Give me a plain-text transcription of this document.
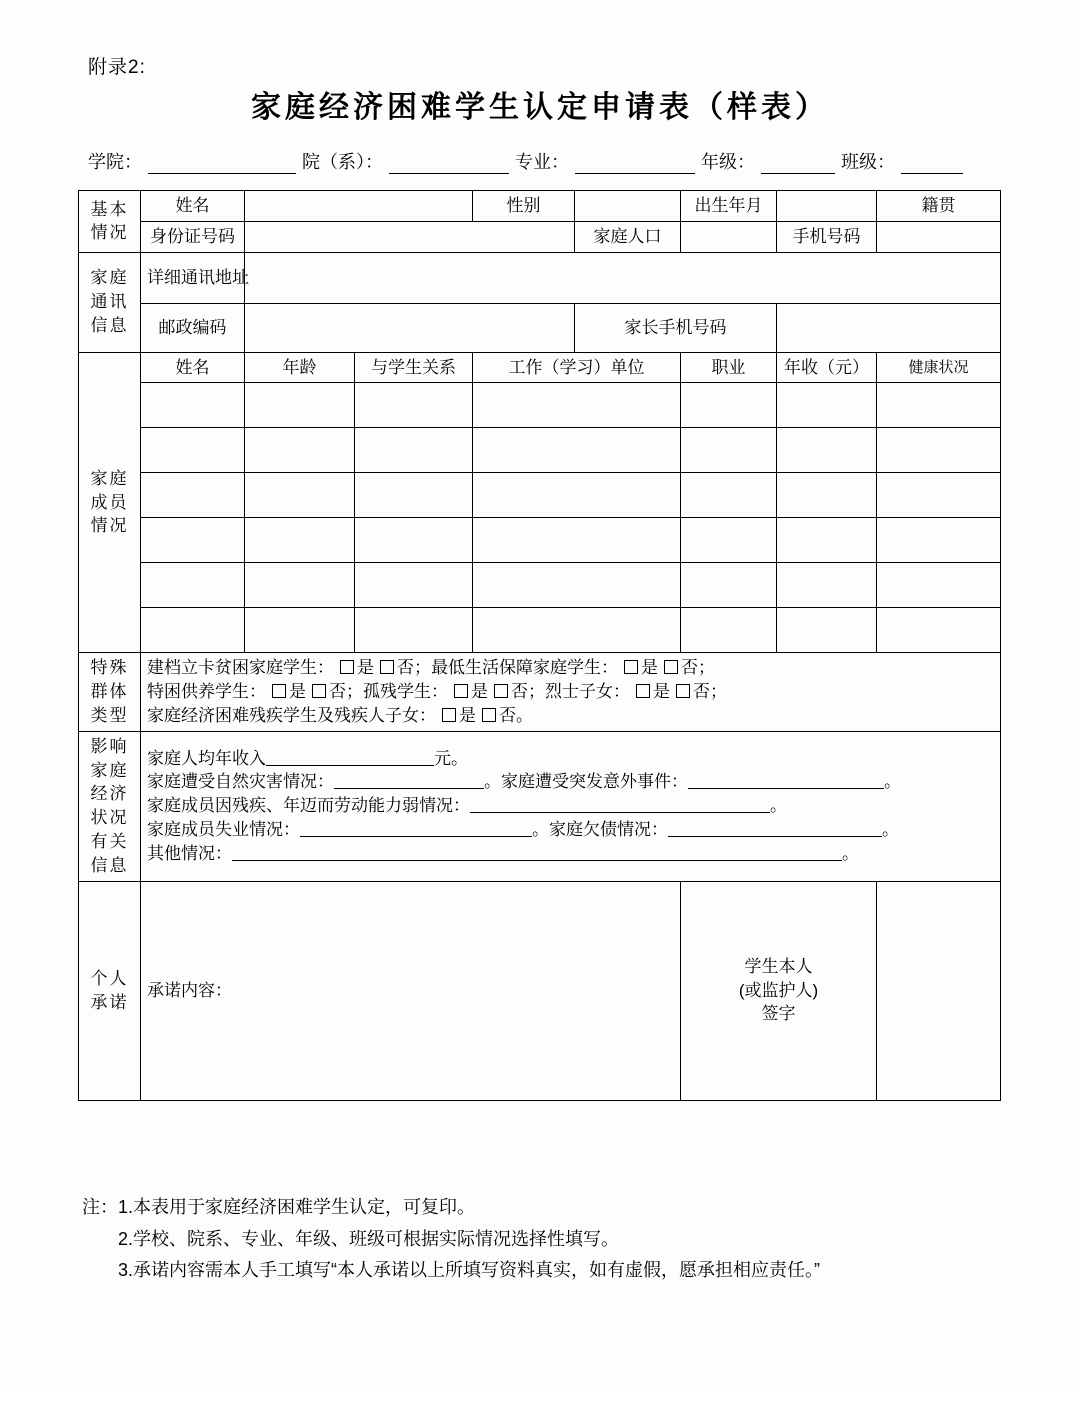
附录2:
家庭经济困难学生认定申请表（样表）
学院：	院（系）：	专业：	年级：	班级：
基本
情况	姓名			性别		出生年月		籍贯
	身份证号码				家庭人口		手机号码	

家庭
通讯
信息	详细通讯地址							
	邮政编码				家长手机号码			

家庭
成员
情况	姓名	年龄	与学生关系	工作（学习）单位		职业	年收（元）	健康状况

特殊
群体
类型

建档立卡贫困家庭学生： 是 否；最低生活保障家庭学生： 是 否；
特困供养学生： 是 否；孤残学生： 是 否；烈士子女： 是 否；
家庭经济困难残疾学生及残疾人子女： 是 否。

影响
家庭
经济
状况
有关
信息

家庭人均年收入	元。
家庭遭受自然灾害情况：	。家庭遭受突发意外事件：	。
家庭成员因残疾、年迈而劳动能力弱情况：	。
家庭成员失业情况：	。家庭欠债情况：	。
其他情况：	。

个人
承诺
	承诺内容：	
学生本人
(或监护人)
签字

注：1.本表用于家庭经济困难学生认定，可复印。
2.学校、院系、专业、年级、班级可根据实际情况选择性填写。
3.承诺内容需本人手工填写“本人承诺以上所填写资料真实，如有虚假，愿承担相应责任。”
